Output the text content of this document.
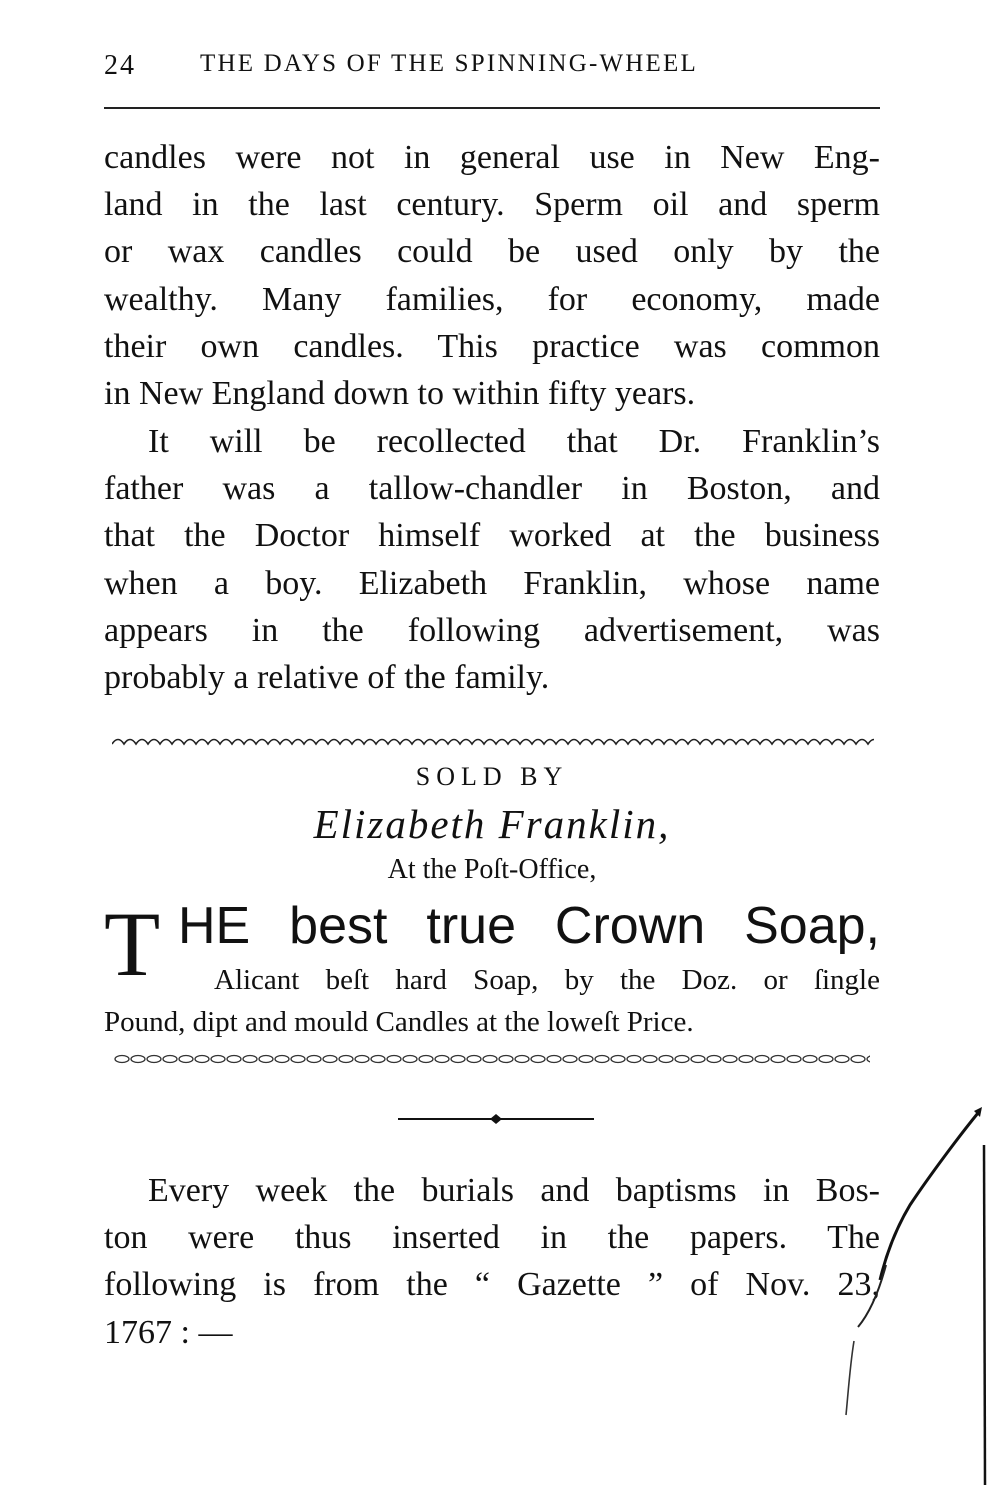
24	THE DAYS OF THE SPINNING-WHEEL
candles were not in general use in New Eng-
land in the last century. Sperm oil and sperm
or wax candles could be used only by the
wealthy. Many families, for economy, made
their own candles. This practice was common
in New England down to within fifty years.
It will be recollected that Dr. Franklin’s
father was a tallow-chandler in Boston, and
that the Doctor himself worked at the business
when a boy. Elizabeth Franklin, whose name
appears in the following advertisement, was
probably a relative of the family.
SOLD BY
Elizabeth Franklin,
At the Poſt-Office,
T HE best true Crown Soap,
Alicant beſt hard Soap, by the Doz. or ſingle
Pound, dipt and mould Candles at the loweſt Price.
Every week the burials and baptisms in Bos-
ton were thus inserted in the papers. The
following is from the “ Gazette ” of Nov. 23,
1767 : —
